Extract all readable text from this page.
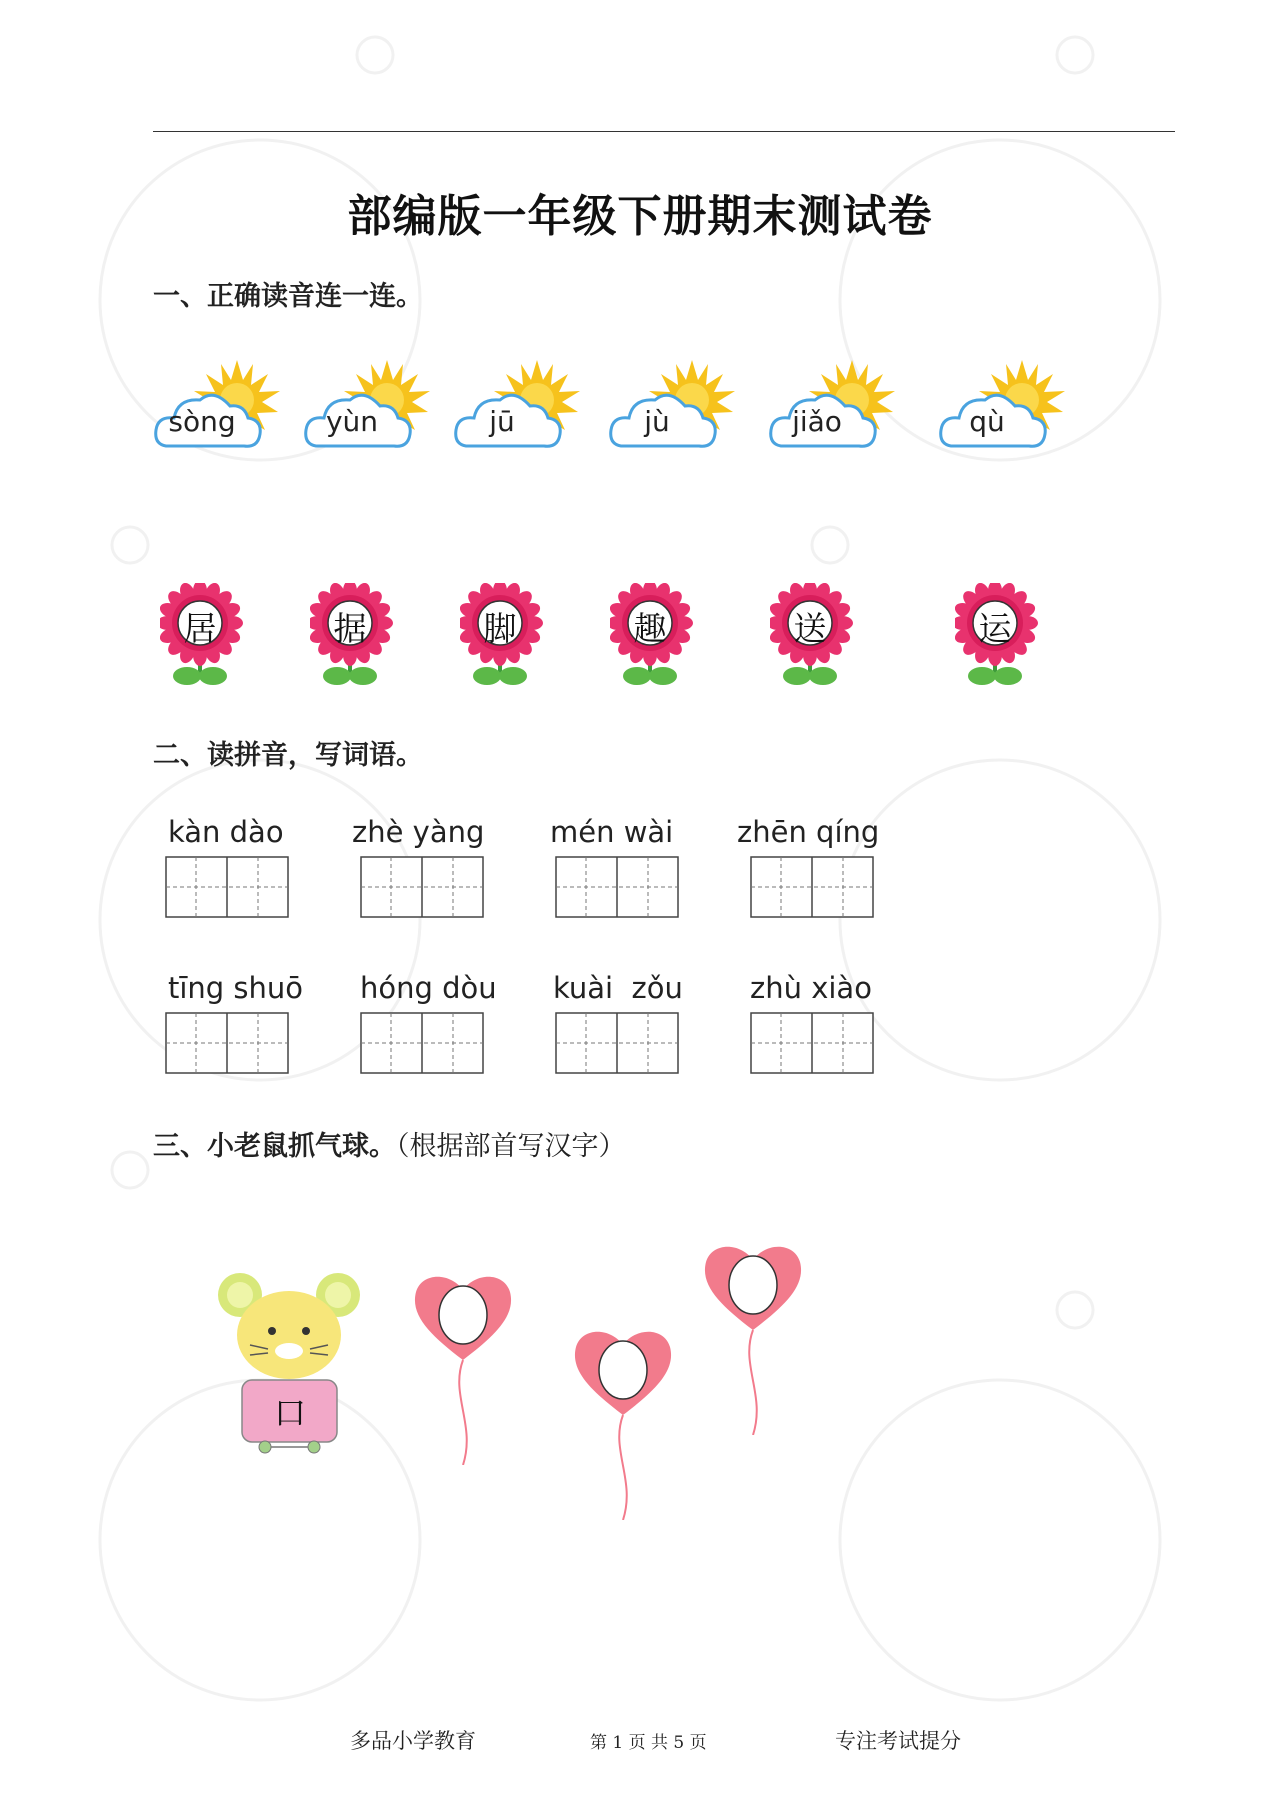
部编版一年级下册期末测试卷
一、正确读音连一连。
sòng	yùn	jū	jù	jiǎo	qù
居	据	脚	趣	送	运
二、读拼音，写词语。
kàn dào zhè yàng mén wài zhēn qíng
tīng shuō hóng dòu kuài  zǒu zhù xiào
三、小老鼠抓气球。（根据部首写汉字）
口
多品小学教育	第 1 页 共 5 页	专注考试提分
